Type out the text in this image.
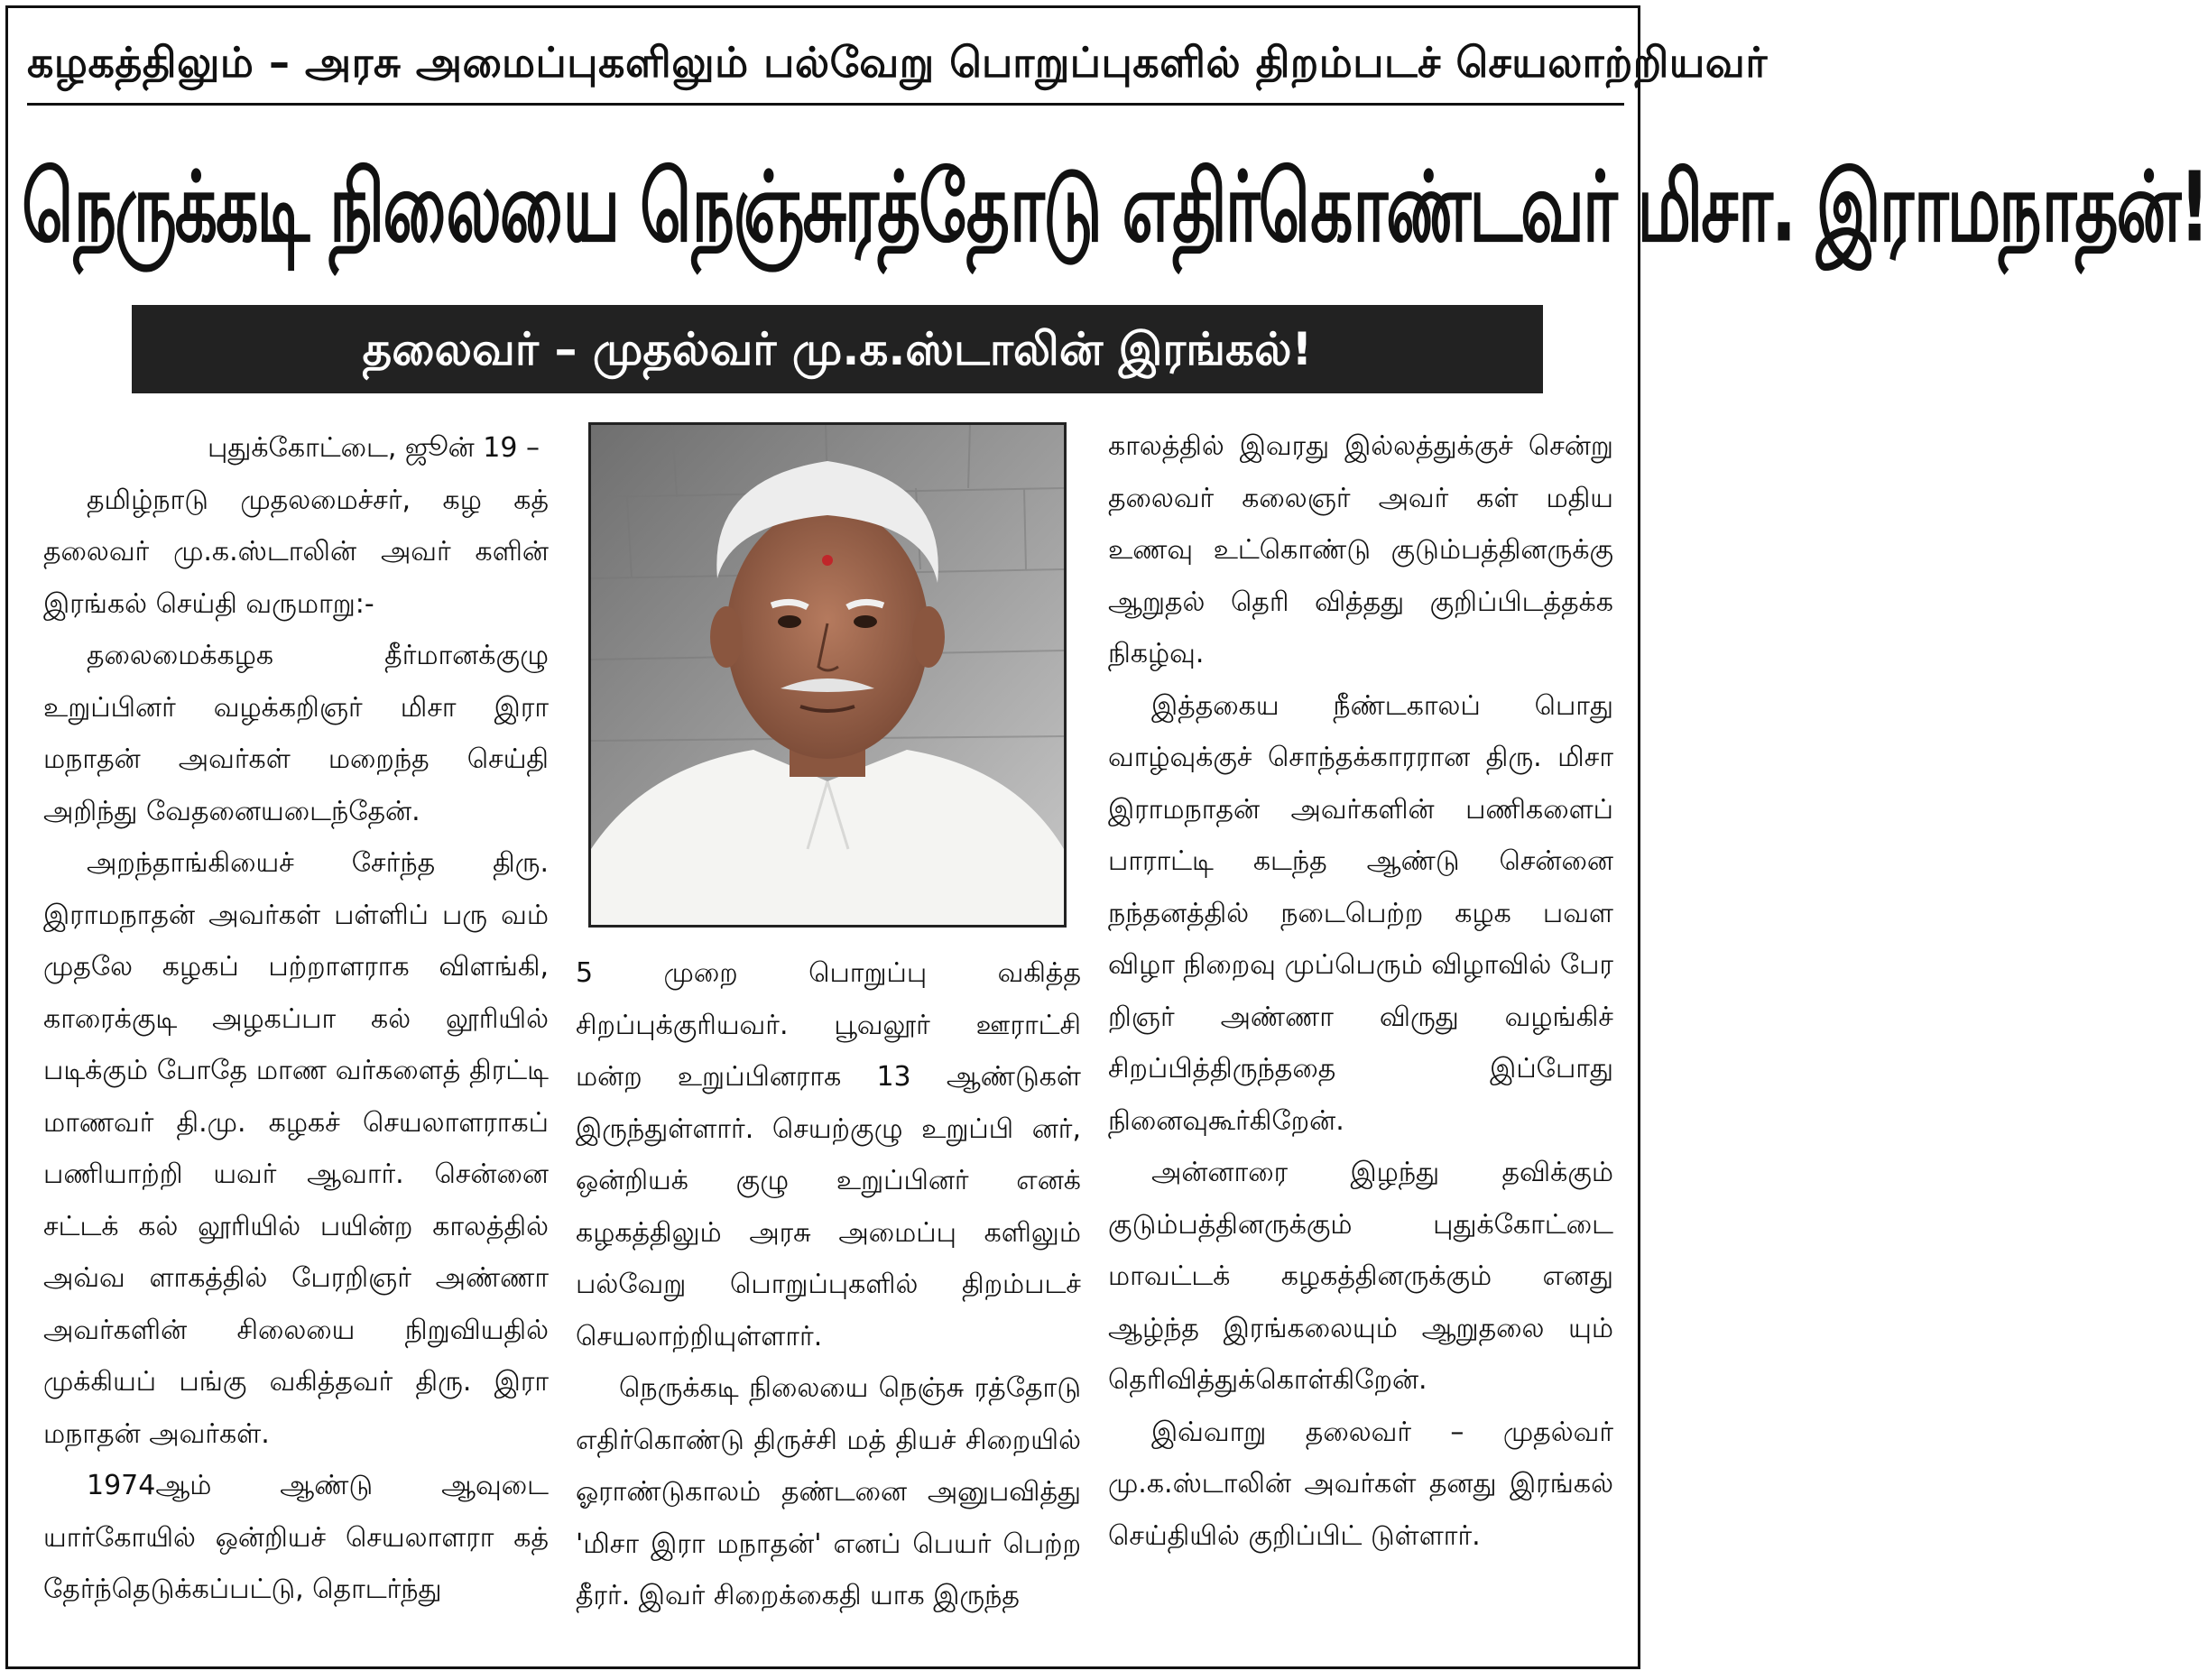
கழகத்திலும் – அரசு அமைப்புகளிலும் பல்வேறு பொறுப்புகளில் திறம்படச் செயலாற்றியவர்
நெருக்கடி நிலையை நெஞ்சுரத்தோடு எதிர்கொண்டவர் மிசா. இராமநாதன்!
தலைவர் – முதல்வர் மு.க.ஸ்டாலின் இரங்கல்!

புதுக்கோட்டை, ஜூன் 19 –

தமிழ்நாடு முதலமைச்சர், கழ கத் தலைவர் மு.க.ஸ்டாலின் அவர் களின் இரங்கல் செய்தி வருமாறு:-

தலைமைக்கழக தீர்மானக்குழு உறுப்பினர் வழக்கறிஞர் மிசா இரா மநாதன் அவர்கள் மறைந்த செய்தி அறிந்து வேதனையடைந்தேன்.

அறந்தாங்கியைச் சேர்ந்த திரு. இராமநாதன் அவர்கள் பள்ளிப் பரு வம் முதலே கழகப் பற்றாளராக விளங்கி, காரைக்குடி அழகப்பா கல் லூரியில் படிக்கும் போதே மாண வர்களைத் திரட்டி மாணவர் தி.மு. கழகச் செயலாளராகப் பணியாற்றி யவர் ஆவார். சென்னை சட்டக் கல் லூரியில் பயின்ற காலத்தில் அவ்வ ளாகத்தில் பேரறிஞர் அண்ணா அவர்களின் சிலையை நிறுவியதில் முக்கியப் பங்கு வகித்தவர் திரு. இரா மநாதன் அவர்கள்.

1974ஆம் ஆண்டு ஆவுடை யார்கோயில் ஒன்றியச் செயலாளரா கத் தேர்ந்தெடுக்கப்பட்டு, தொடர்ந்து

5 முறை பொறுப்பு வகித்த சிறப்புக்குரியவர். பூவலூர் ஊராட்சி மன்ற உறுப்பினராக 13 ஆண்டுகள் இருந்துள்ளார். செயற்குழு உறுப்பி னர், ஒன்றியக் குழு உறுப்பினர் எனக் கழகத்திலும் அரசு அமைப்பு களிலும் பல்வேறு பொறுப்புகளில் திறம்படச் செயலாற்றியுள்ளார்.

நெருக்கடி நிலையை நெஞ்சு ரத்தோடு எதிர்கொண்டு திருச்சி மத் தியச் சிறையில் ஓராண்டுகாலம் தண்டனை அனுபவித்து 'மிசா இரா மநாதன்' எனப் பெயர் பெற்ற தீரர். இவர் சிறைக்கைதி யாக இருந்த

காலத்தில் இவரது இல்லத்துக்குச் சென்று தலைவர் கலைஞர் அவர் கள் மதிய உணவு உட்கொண்டு குடும்பத்தினருக்கு ஆறுதல் தெரி வித்தது குறிப்பிடத்தக்க நிகழ்வு.

இத்தகைய நீண்டகாலப் பொது வாழ்வுக்குச் சொந்தக்காரரான திரு. மிசா இராமநாதன் அவர்களின் பணிகளைப் பாராட்டி கடந்த ஆண்டு சென்னை நந்தனத்தில் நடைபெற்ற கழக பவள விழா நிறைவு முப்பெரும் விழாவில் பேர றிஞர் அண்ணா விருது வழங்கிச் சிறப்பித்திருந்ததை இப்போது நினைவுகூர்கிறேன்.

அன்னாரை இழந்து தவிக்கும் குடும்பத்தினருக்கும் புதுக்கோட்டை மாவட்டக் கழகத்தினருக்கும் எனது ஆழ்ந்த இரங்கலையும் ஆறுதலை யும் தெரிவித்துக்கொள்கிறேன்.

இவ்வாறு தலைவர் – முதல்வர் மு.க.ஸ்டாலின் அவர்கள் தனது இரங்கல் செய்தியில் குறிப்பிட் டுள்ளார்.
